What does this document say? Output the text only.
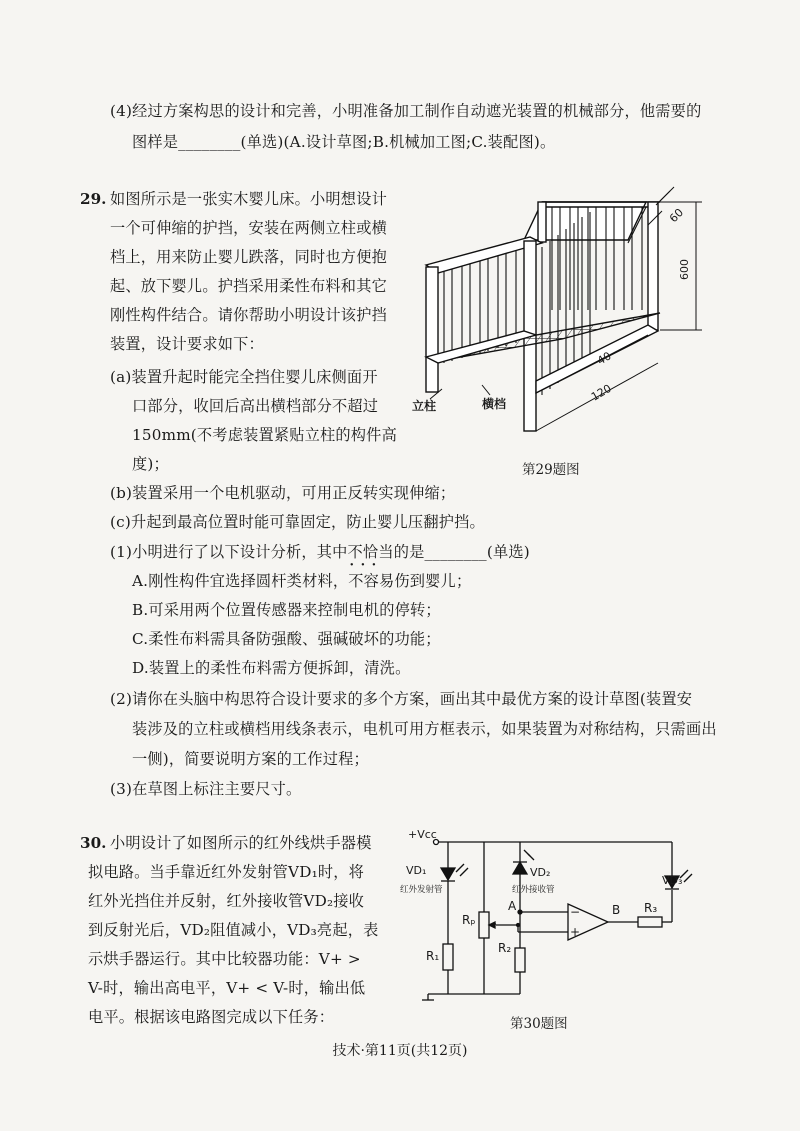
(4)经过方案构思的设计和完善，小明准备加工制作自动遮光装置的机械部分，他需要的
图样是________(单选)(A.设计草图;B.机械加工图;C.装配图)。
29. 如图所示是一张实木婴儿床。小明想设计
一个可伸缩的护挡，安装在两侧立柱或横
档上，用来防止婴儿跌落，同时也方便抱
起、放下婴儿。护挡采用柔性布料和其它
刚性构件结合。请你帮助小明设计该护挡
装置，设计要求如下：
(a)装置升起时能完全挡住婴儿床侧面开
口部分，收回后高出横档部分不超过
150mm(不考虑装置紧贴立柱的构件高
度)；
(b)装置采用一个电机驱动，可用正反转实现伸缩；
(c)升起到最高位置时能可靠固定，防止婴儿压翻护挡。
(1)小明进行了以下设计分析，其中不恰当 · · ·的是________(单选)
A.刚性构件宜选择圆杆类材料，不容易伤到婴儿；
B.可采用两个位置传感器来控制电机的停转；
C.柔性布料需具备防强酸、强碱破坏的功能；
D.装置上的柔性布料需方便拆卸，清洗。
(2)请你在头脑中构思符合设计要求的多个方案，画出其中最优方案的设计草图(装置安
装涉及的立柱或横档用线条表示，电机可用方框表示，如果装置为对称结构，只需画出
一侧)，简要说明方案的工作过程；
(3)在草图上标注主要尺寸。
60
600
40
120
立柱	横档
第29题图
30. 小明设计了如图所示的红外线烘手器模
拟电路。当手靠近红外发射管VD₁时，将
红外光挡住并反射，红外接收管VD₂接收
到反射光后，VD₂阻值减小，VD₃亮起，表
示烘手器运行。其中比较器功能：V+ >
V-时，输出高电平，V+ < V-时，输出低
电平。根据该电路图完成以下任务：
+Vcc
VD₁
红外发射管
VD₂
红外接收管
VD₃
Rₚ
R₁
R₂
R₃
A	B
−
+
第30题图
技术·第11页(共12页)
